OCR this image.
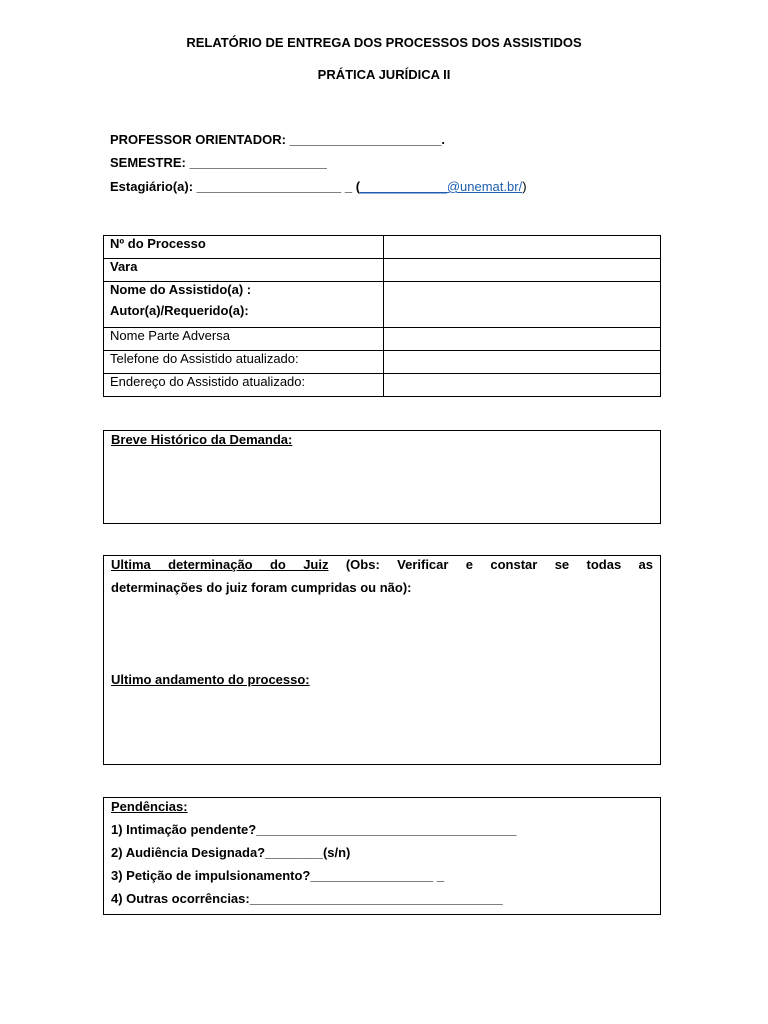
RELATÓRIO DE ENTREGA DOS PROCESSOS DOS ASSISTIDOS
PRÁTICA JURÍDICA II
PROFESSOR ORIENTADOR: _____________________.
SEMESTRE: ___________________
Estagiário(a): ____________________ _ (____________@unemat.br/)
Nº do Processo	
Vara	
Nome do Assistido(a) :
Autor(a)/Requerido(a):	

Nome Parte Adversa	
Telefone do Assistido atualizado:	
Endereço do Assistido atualizado:	
Breve Histórico da Demanda:
Ultima determinação do Juiz (Obs: Verificar e constar se todas as
determinações do juiz foram cumpridas ou não):
Ultimo andamento do processo:
Pendências:
1) Intimação pendente?____________________________________
2) Audiência Designada?________(s/n)
3) Petição de impulsionamento?_________________ _
4) Outras ocorrências:___________________________________
